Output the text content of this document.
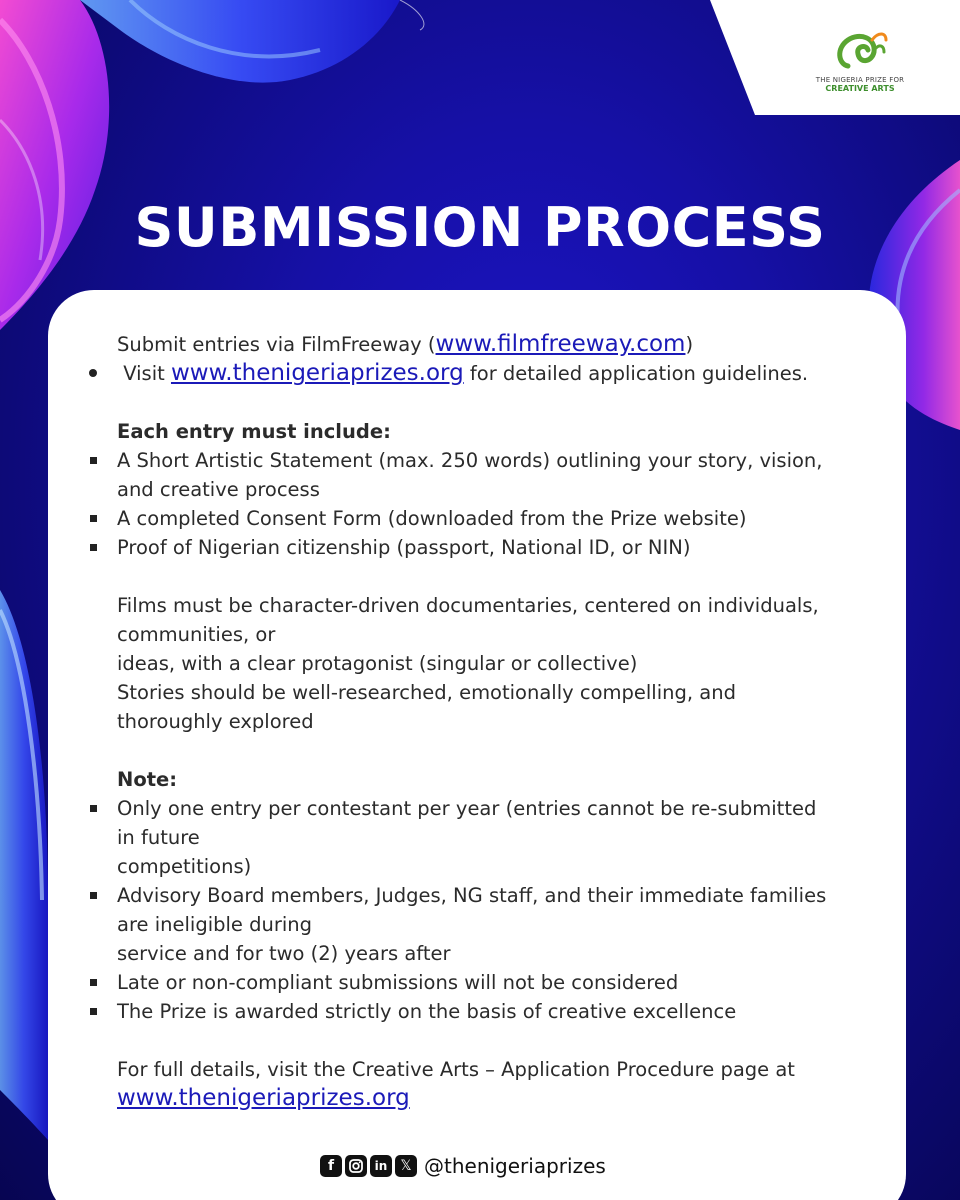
THE NIGERIA PRIZE FOR
CREATIVE ARTS
SUBMISSION PROCESS

Submit entries via FilmFreeway (www.filmfreeway.com)

Visit www.thenigeriaprizes.org for detailed application guidelines.

Each entry must include:

A Short Artistic Statement (max. 250 words) outlining your story, vision,

and creative process

A completed Consent Form (downloaded from the Prize website)

Proof of Nigerian citizenship (passport, National ID, or NIN)

Films must be character-driven documentaries, centered on individuals,

communities, or

ideas, with a clear protagonist (singular or collective)

Stories should be well-researched, emotionally compelling, and

thoroughly explored

Note:

Only one entry per contestant per year (entries cannot be re-submitted

in future

competitions)

Advisory Board members, Judges, NG staff, and their immediate families

are ineligible during

service and for two (2) years after

Late or non-compliant submissions will not be considered

The Prize is awarded strictly on the basis of creative excellence

For full details, visit the Creative Arts – Application Procedure page at

www.thenigeriaprizes.org

f	in 𝕏 @thenigeriaprizes
